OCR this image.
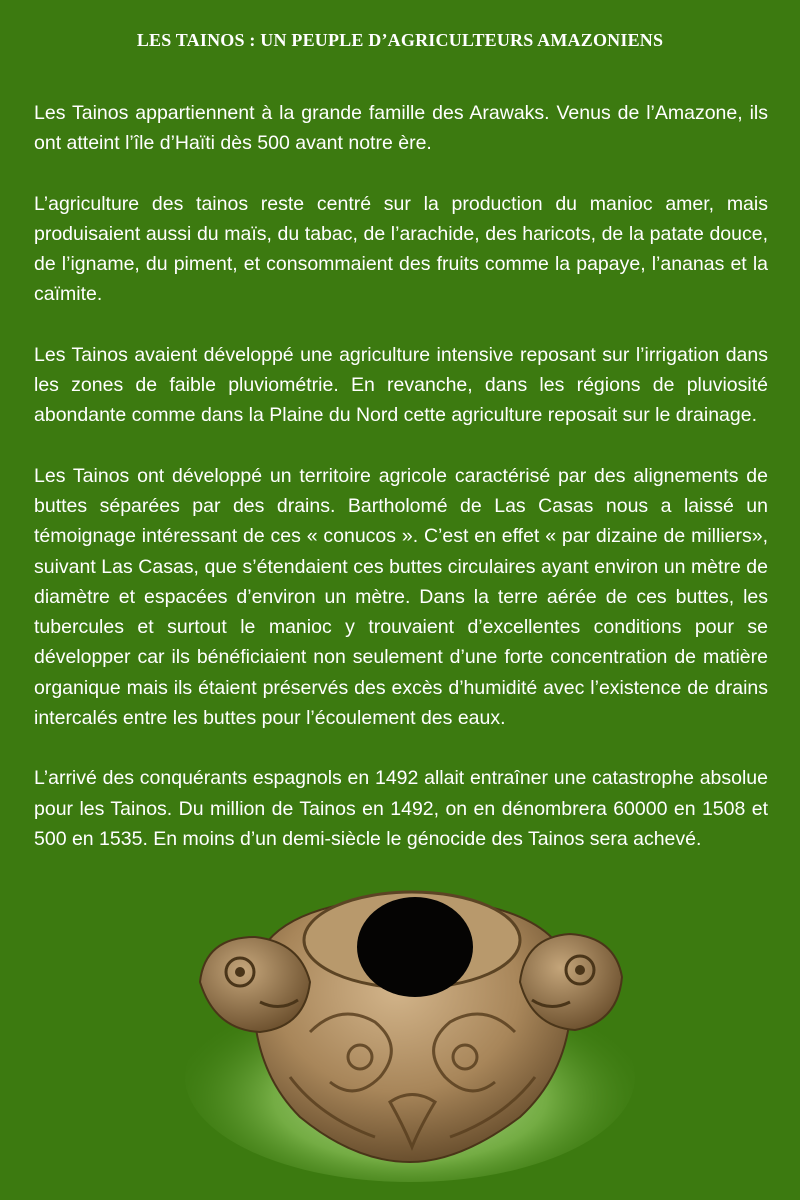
LES TAINOS : UN PEUPLE D’AGRICULTEURS AMAZONIENS

Les Tainos appartiennent à la grande famille des Arawaks. Venus de l’Amazone, ils ont atteint l’île d’Haïti dès 500 avant notre ère.

L’agriculture des tainos reste centré sur la production du manioc amer, mais produisaient aussi du maïs, du tabac, de l’arachide, des haricots, de la patate douce, de l’igname, du piment, et consommaient des fruits comme la papaye, l’ananas et la caïmite.

Les Tainos avaient développé une agriculture intensive reposant sur l’irrigation dans les zones de faible pluviométrie. En revanche, dans les régions de pluviosité abondante comme dans la Plaine du Nord cette agriculture reposait sur le drainage.

Les Tainos ont développé un territoire agricole caractérisé par des alignements de buttes séparées par des drains. Bartholomé de Las Casas nous a laissé un témoignage intéressant de ces « conucos ». C’est en effet « par dizaine de milliers», suivant Las Casas, que s’étendaient ces buttes circulaires ayant environ un mètre de diamètre et espacées d’environ un mètre. Dans la terre aérée de ces buttes, les tubercules et surtout le manioc y trouvaient d’excellentes conditions pour se développer car ils bénéficiaient non seulement d’une forte concentration de matière organique mais ils étaient préservés des excès d’humidité avec l’existence de drains intercalés entre les buttes pour l’écoulement des eaux.

L’arrivé des conquérants espagnols en 1492 allait entraîner une catastrophe absolue pour les Tainos. Du million de Tainos en 1492, on en dénombrera 60000 en 1508 et 500 en 1535. En moins d’un demi-siècle le génocide des Tainos sera achevé.
